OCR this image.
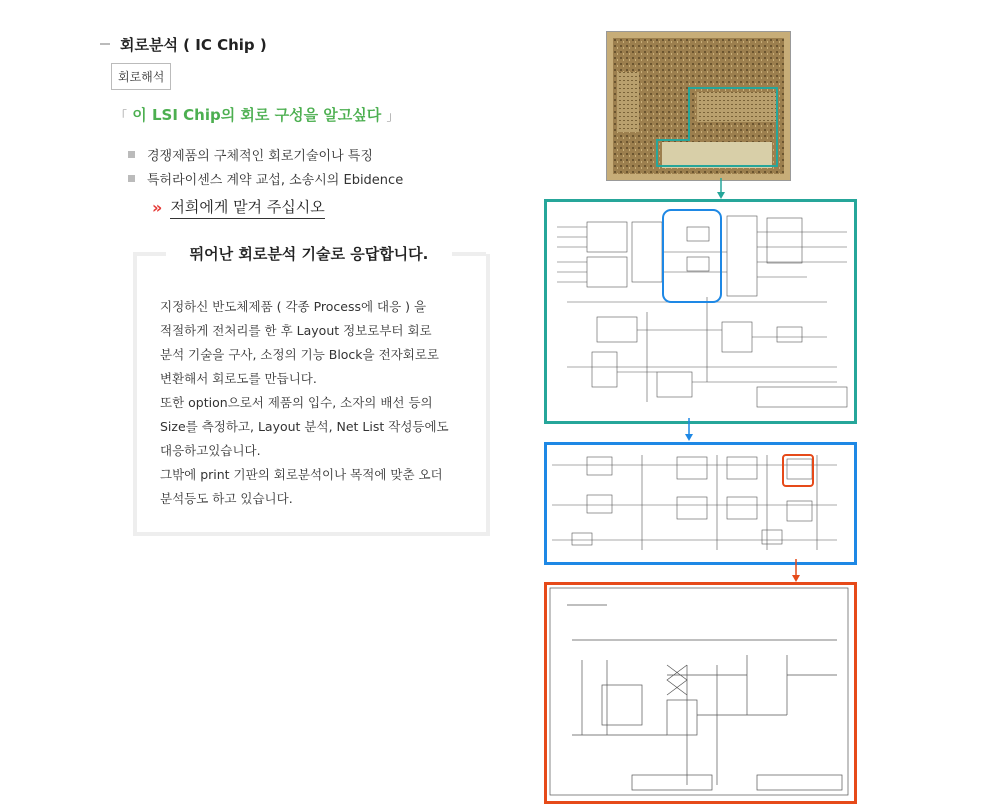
회로분석 ( IC Chip )
회로해석
「 이 LSI Chip의 회로 구성을 알고싶다 」
경쟁제품의 구체적인 회로기술이나 특징
특허라이센스 계약 교섭, 소송시의 Ebidence
» 저희에게 맡겨 주십시오
뛰어난 회로분석 기술로 응답합니다.
지정하신 반도체제품 ( 각종 Process에 대응 ) 을
적절하게 전처리를 한 후 Layout 정보로부터 회로
분석 기술을 구사, 소정의 기능 Block을 전자회로로
변환해서 회로도를 만듭니다.
또한 option으로서 제품의 입수, 소자의 배선 등의
Size를 측정하고, Layout 분석, Net List 작성등에도
대응하고있습니다.
그밖에 print 기판의 회로분석이나 목적에 맞춘 오더
분석등도 하고 있습니다.
